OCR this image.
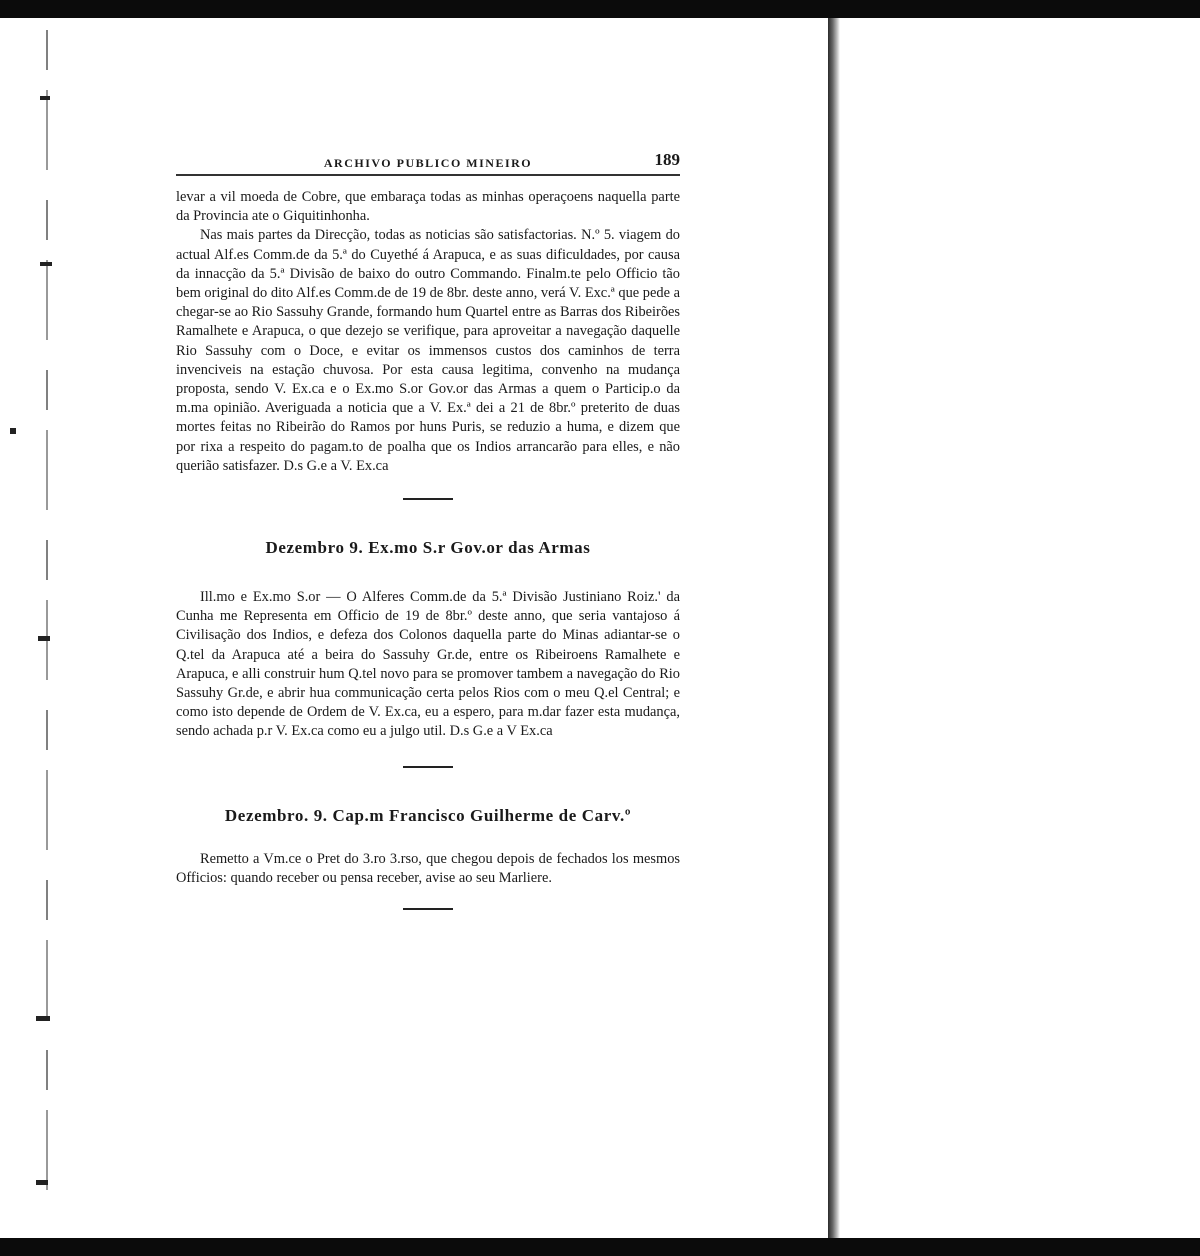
ARCHIVO PUBLICO MINEIRO	189

levar a vil moeda de Cobre, que embaraça todas as minhas operaçoens naquella parte da Provincia ate o Giquitinhonha.

Nas mais partes da Direcção, todas as noticias são satisfactorias. N.º 5. viagem do actual Alf.es Comm.de da 5.ª do Cuyethé á Arapuca, e as suas dificuldades, por causa da innacção da 5.ª Divisão de baixo do outro Commando. Finalm.te pelo Officio tão bem original do dito Alf.es Comm.de de 19 de 8br. deste anno, verá V. Exc.ª que pede a chegar-se ao Rio Sassuhy Grande, formando hum Quartel entre as Barras dos Ribeirões Ramalhete e Arapuca, o que dezejo se verifique, para aproveitar a navegação daquelle Rio Sassuhy com o Doce, e evitar os immensos custos dos caminhos de terra invenciveis na estação chuvosa. Por esta causa legitima, convenho na mudança proposta, sendo V. Ex.ca e o Ex.mo S.or Gov.or das Armas a quem o Particip.o da m.ma opinião. Averiguada a noticia que a V. Ex.ª dei a 21 de 8br.º preterito de duas mortes feitas no Ribeirão do Ramos por huns Puris, se reduzio a huma, e dizem que por rixa a respeito do pagam.to de poalha que os Indios arrancarão para elles, e não querião satisfazer. D.s G.e a V. Ex.ca

Dezembro 9. Ex.mo S.r Gov.or das Armas

Ill.mo e Ex.mo S.or — O Alferes Comm.de da 5.ª Divisão Justiniano Roiz.' da Cunha me Representa em Officio de 19 de 8br.º deste anno, que seria vantajoso á Civilisação dos Indios, e defeza dos Colonos daquella parte do Minas adiantar-se o Q.tel da Arapuca até a beira do Sassuhy Gr.de, entre os Ribeiroens Ramalhete e Arapuca, e alli construir hum Q.tel novo para se promover tambem a navegação do Rio Sassuhy Gr.de, e abrir hua communicação certa pelos Rios com o meu Q.el Central; e como isto depende de Ordem de V. Ex.ca, eu a espero, para m.dar fazer esta mudança, sendo achada p.r V. Ex.ca como eu a julgo util. D.s G.e a V Ex.ca

Dezembro. 9. Cap.m Francisco Guilherme de Carv.º

Remetto a Vm.ce o Pret do 3.ro 3.rso, que chegou depois de fechados los mesmos Officios: quando receber ou pensa receber, avise ao seu Marliere.
